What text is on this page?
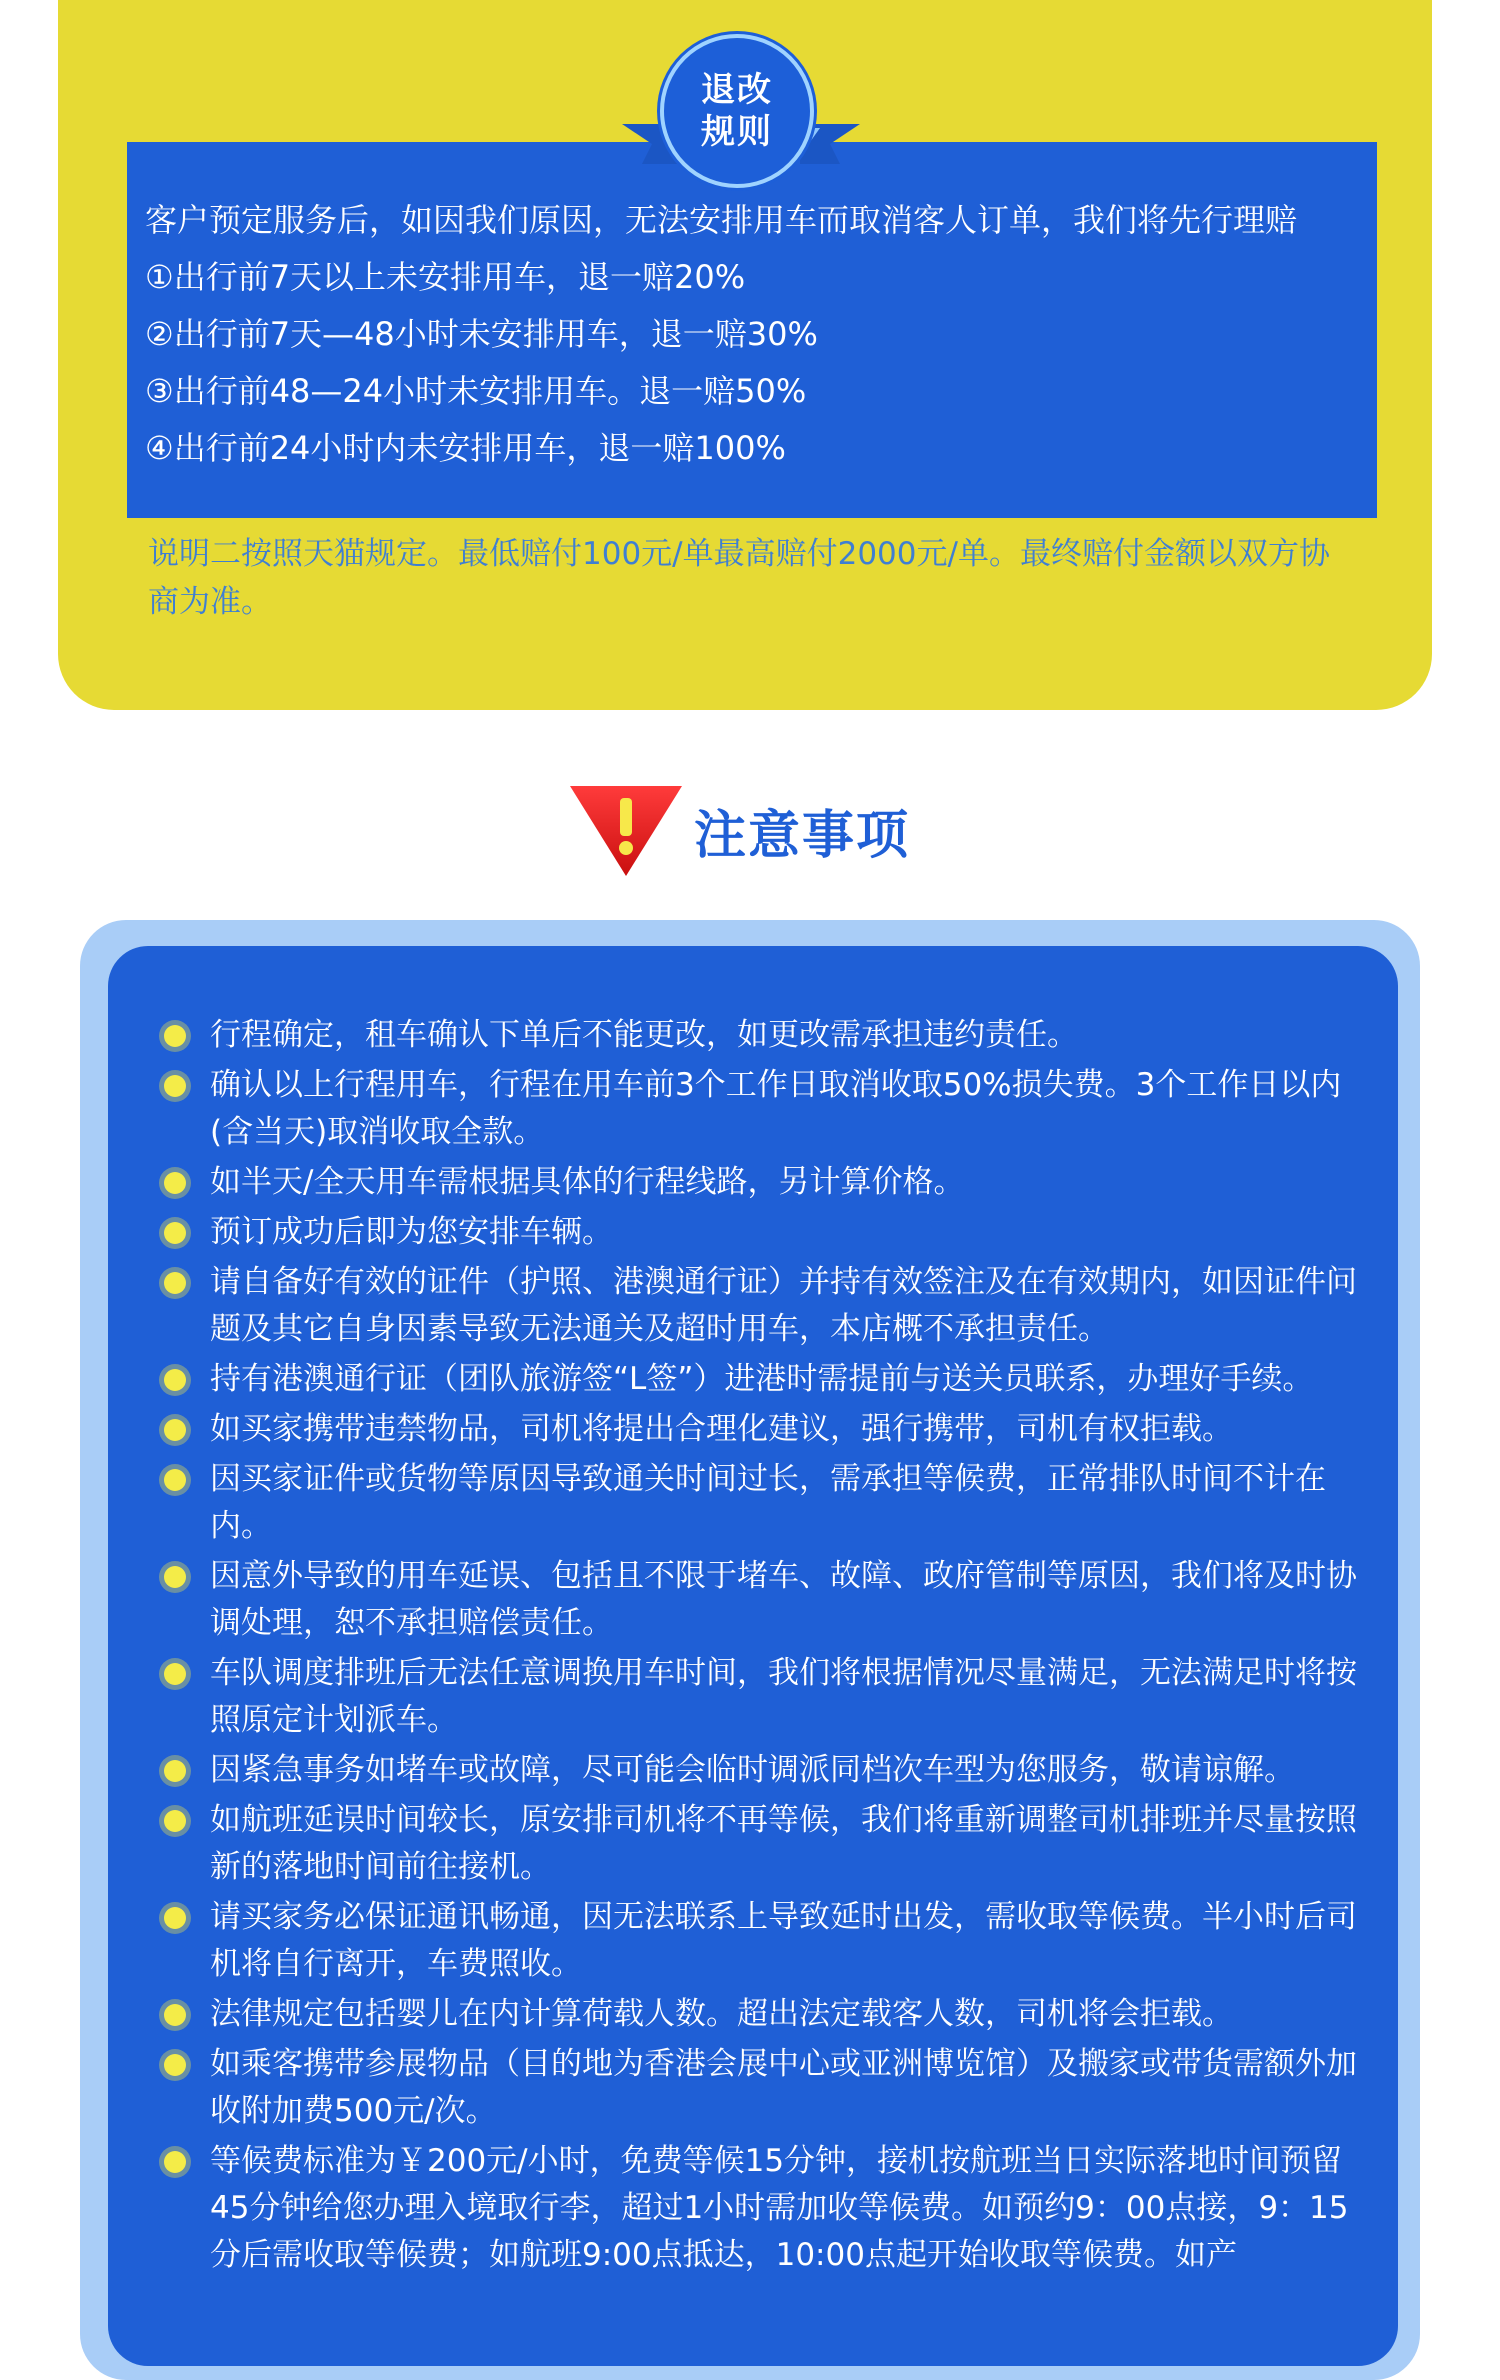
客户预定服务后，如因我们原因，无法安排用车而取消客人订单，我们将先行理赔

①出行前7天以上未安排用车，退一赔20%

②出行前7天—48小时未安排用车，退一赔30%

③出行前48—24小时未安排用车。退一赔50%

④出行前24小时内未安排用车，退一赔100%

退改
规则

说明二按照天猫规定。最低赔付100元/单最高赔付2000元/单。最终赔付金额以双方协商为准。

注意事项
行程确定，租车确认下单后不能更改，如更改需承担违约责任。
确认以上行程用车，行程在用车前3个工作日取消收取50%损失费。3个工作日以内(含当天)取消收取全款。
如半天/全天用车需根据具体的行程线路，另计算价格。
预订成功后即为您安排车辆。
请自备好有效的证件（护照、港澳通行证）并持有效签注及在有效期内，如因证件问题及其它自身因素导致无法通关及超时用车，本店概不承担责任。
持有港澳通行证（团队旅游签“L签”）进港时需提前与送关员联系，办理好手续。
如买家携带违禁物品，司机将提出合理化建议，强行携带，司机有权拒载。
因买家证件或货物等原因导致通关时间过长，需承担等候费，正常排队时间不计在内。
因意外导致的用车延误、包括且不限于堵车、故障、政府管制等原因，我们将及时协调处理，恕不承担赔偿责任。
车队调度排班后无法任意调换用车时间，我们将根据情况尽量满足，无法满足时将按照原定计划派车。
因紧急事务如堵车或故障，尽可能会临时调派同档次车型为您服务，敬请谅解。
如航班延误时间较长，原安排司机将不再等候，我们将重新调整司机排班并尽量按照新的落地时间前往接机。
请买家务必保证通讯畅通，因无法联系上导致延时出发，需收取等候费。半小时后司机将自行离开，车费照收。
法律规定包括婴儿在内计算荷载人数。超出法定载客人数，司机将会拒载。
如乘客携带参展物品（目的地为香港会展中心或亚洲博览馆）及搬家或带货需额外加收附加费500元/次。
等候费标准为￥200元/小时，免费等候15分钟，接机按航班当日实际落地时间预留45分钟给您办理入境取行李，超过1小时需加收等候费。如预约9：00点接，9：15分后需收取等候费；如航班9:00点抵达，10:00点起开始收取等候费。如产
